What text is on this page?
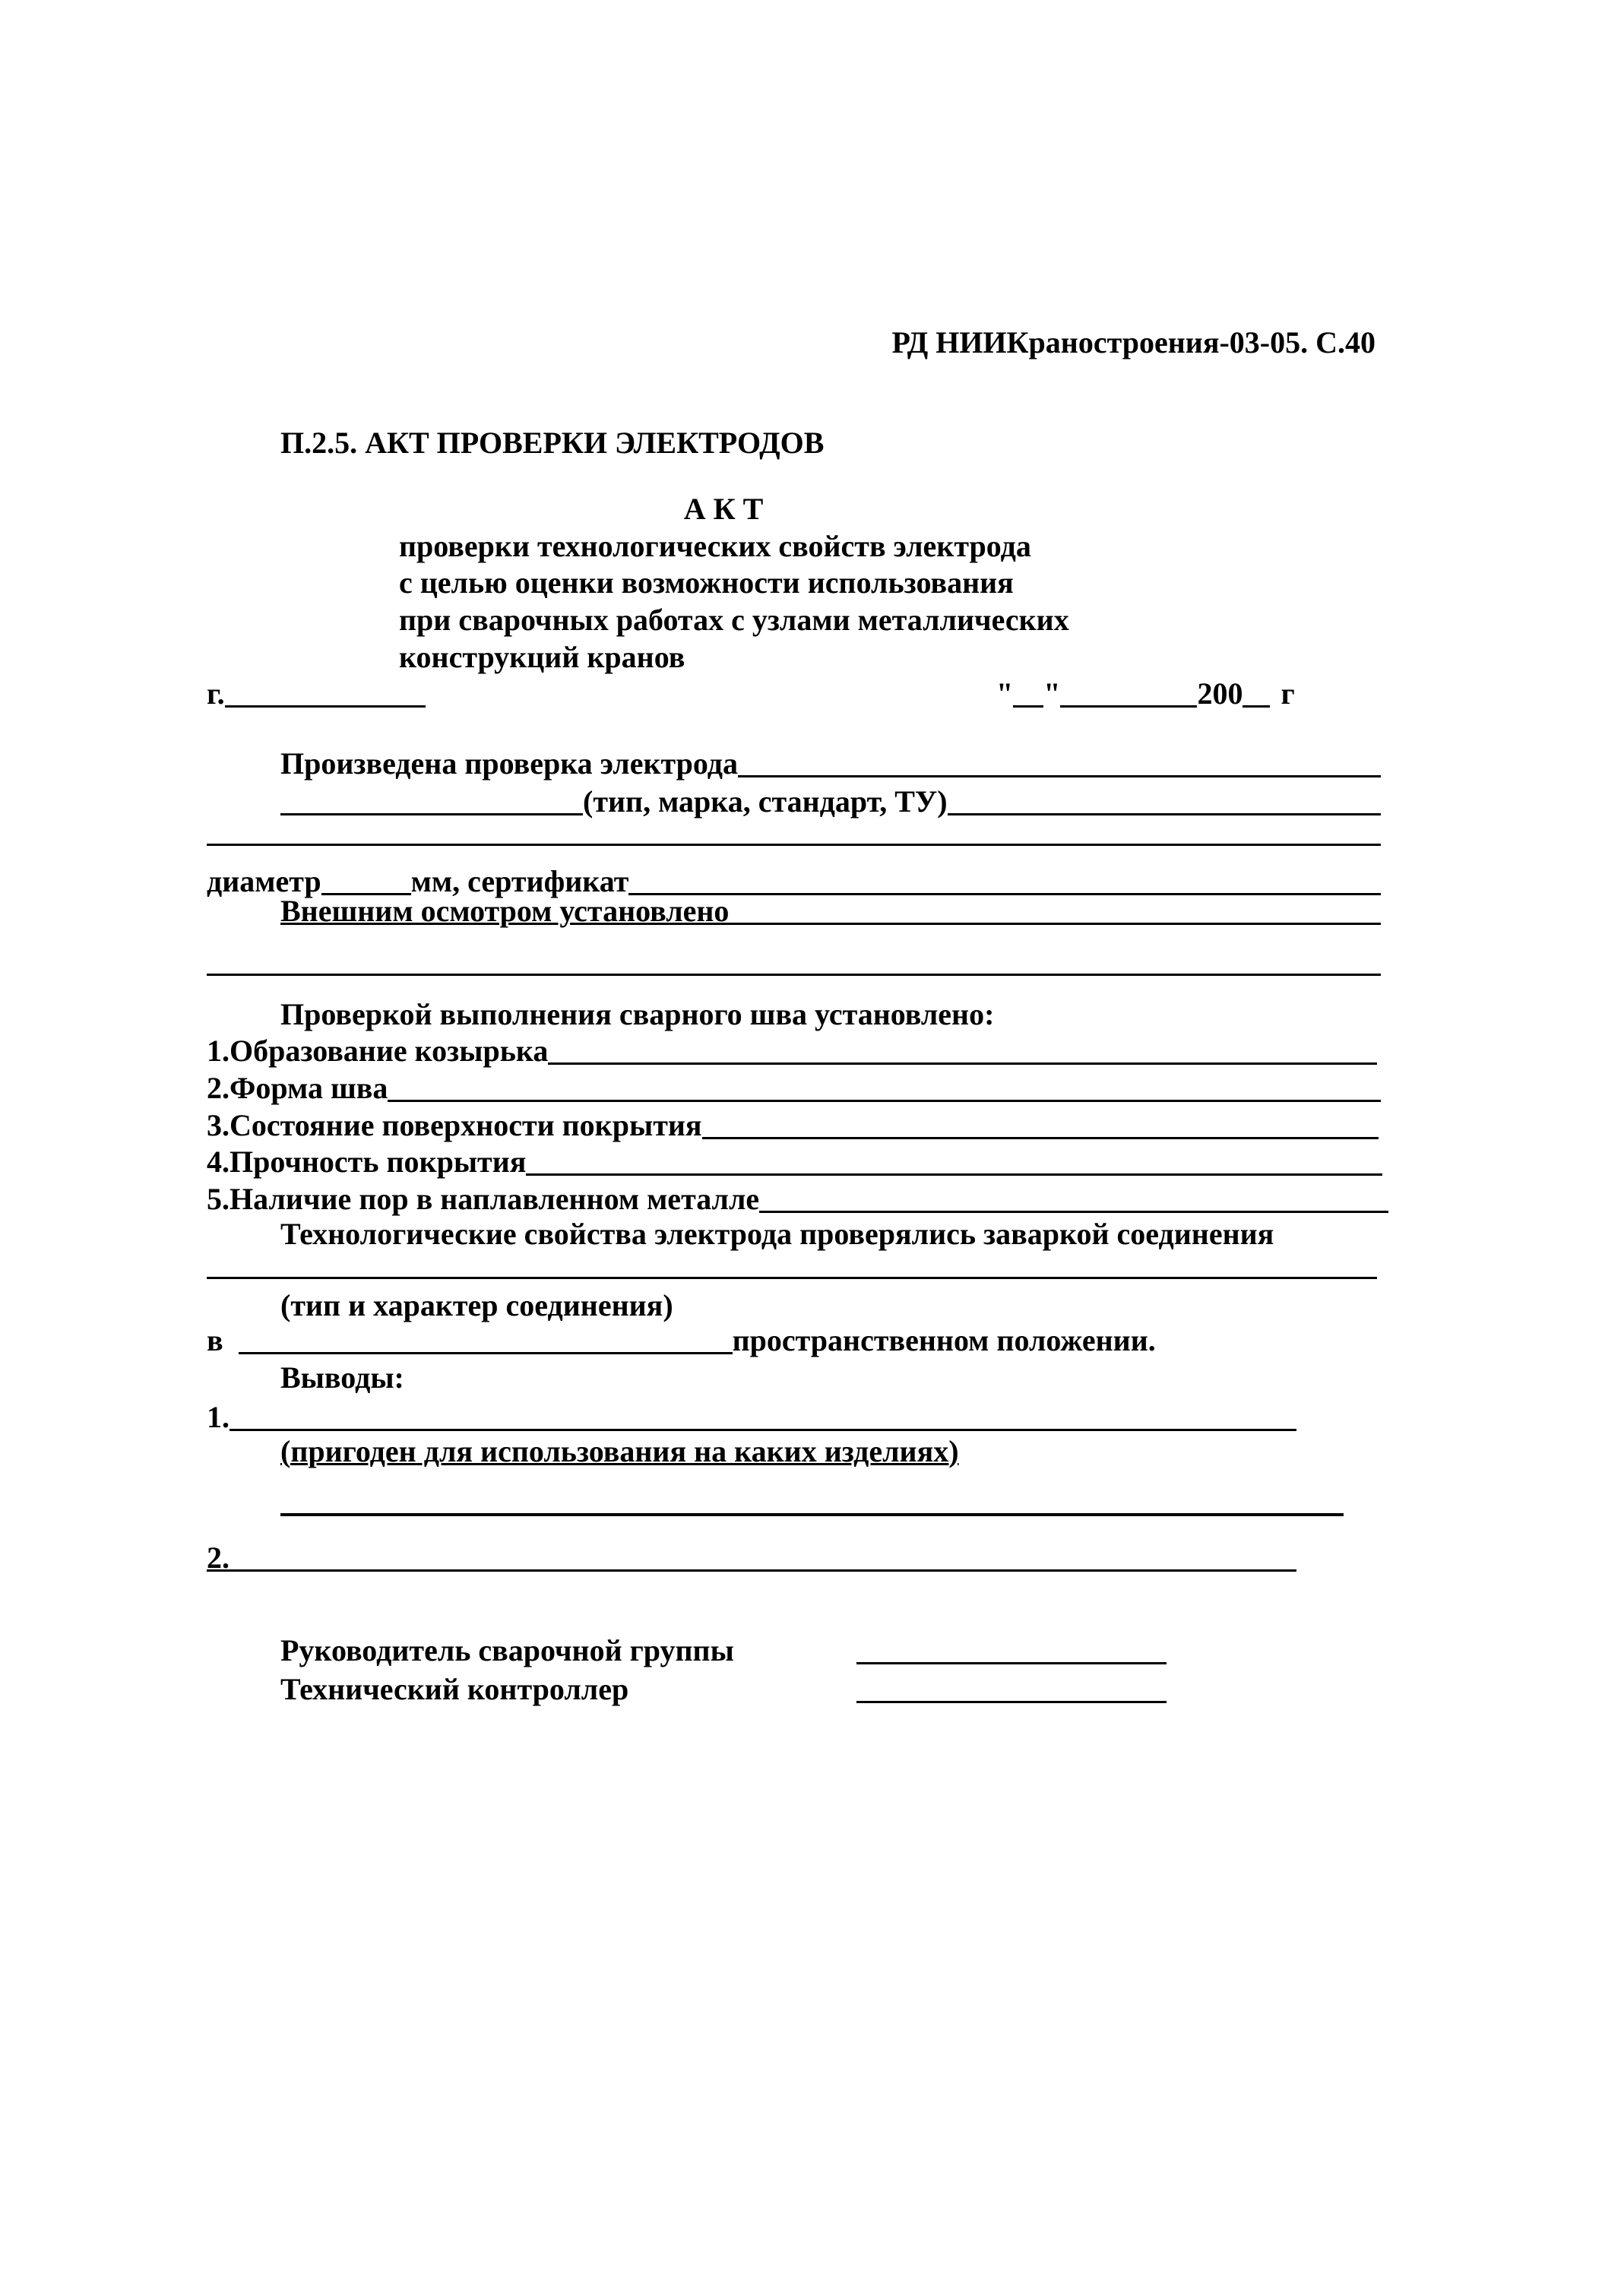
РД НИИКраностроения-03-05. С.40
П.2.5. АКТ ПРОВЕРКИ ЭЛЕКТРОДОВ
А К Т
проверки технологических свойств электрода
с целью оценки возможности использования
при сварочных работах с узлами металлических
конструкций кранов
г.	" "	200 г
Произведена проверка электрода
(тип, марка, стандарт, ТУ)
диаметр	мм, сертификат
Внешним осмотром установлено
Проверкой выполнения сварного шва установлено:
1.Образование козырька
2.Форма шва
3.Состояние поверхности покрытия
4.Прочность покрытия
5.Наличие пор в наплавленном металле
Технологические свойства электрода проверялись заваркой соединения
(тип и характер соединения)
в	пространственном положении.
Выводы:
1.
(пригоден для использования на каких изделиях)
2.
Руководитель сварочной группы
Технический контроллер
